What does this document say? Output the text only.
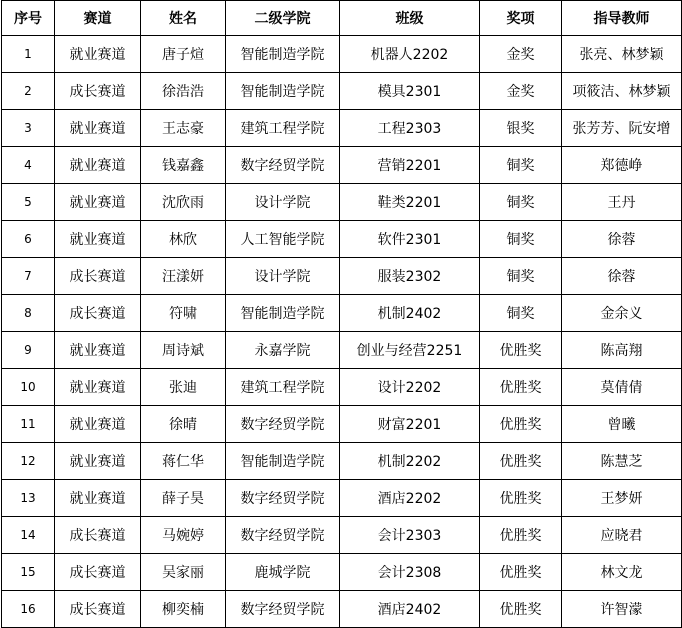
序号	赛道	姓名	二级学院	班级	奖项	指导教师
1	就业赛道	唐子煊	智能制造学院	机器人2202	金奖	张亮、林梦颖
2	成长赛道	徐浩浩	智能制造学院	模具2301	金奖	项筱洁、林梦颖
3	就业赛道	王志豪	建筑工程学院	工程2303	银奖	张芳芳、阮安增
4	就业赛道	钱嘉鑫	数字经贸学院	营销2201	铜奖	郑德峥
5	就业赛道	沈欣雨	设计学院	鞋类2201	铜奖	王丹
6	就业赛道	林欣	人工智能学院	软件2301	铜奖	徐蓉
7	成长赛道	汪漾妍	设计学院	服装2302	铜奖	徐蓉
8	成长赛道	符啸	智能制造学院	机制2402	铜奖	金余义
9	就业赛道	周诗斌	永嘉学院	创业与经营2251	优胜奖	陈高翔
10	就业赛道	张迪	建筑工程学院	设计2202	优胜奖	莫倩倩
11	就业赛道	徐晴	数字经贸学院	财富2201	优胜奖	曾曦
12	就业赛道	蒋仁华	智能制造学院	机制2202	优胜奖	陈慧芝
13	就业赛道	薛子昊	数字经贸学院	酒店2202	优胜奖	王梦妍
14	成长赛道	马婉婷	数字经贸学院	会计2303	优胜奖	应晓君
15	成长赛道	吴家丽	鹿城学院	会计2308	优胜奖	林文龙
16	成长赛道	柳奕楠	数字经贸学院	酒店2402	优胜奖	许智濛
